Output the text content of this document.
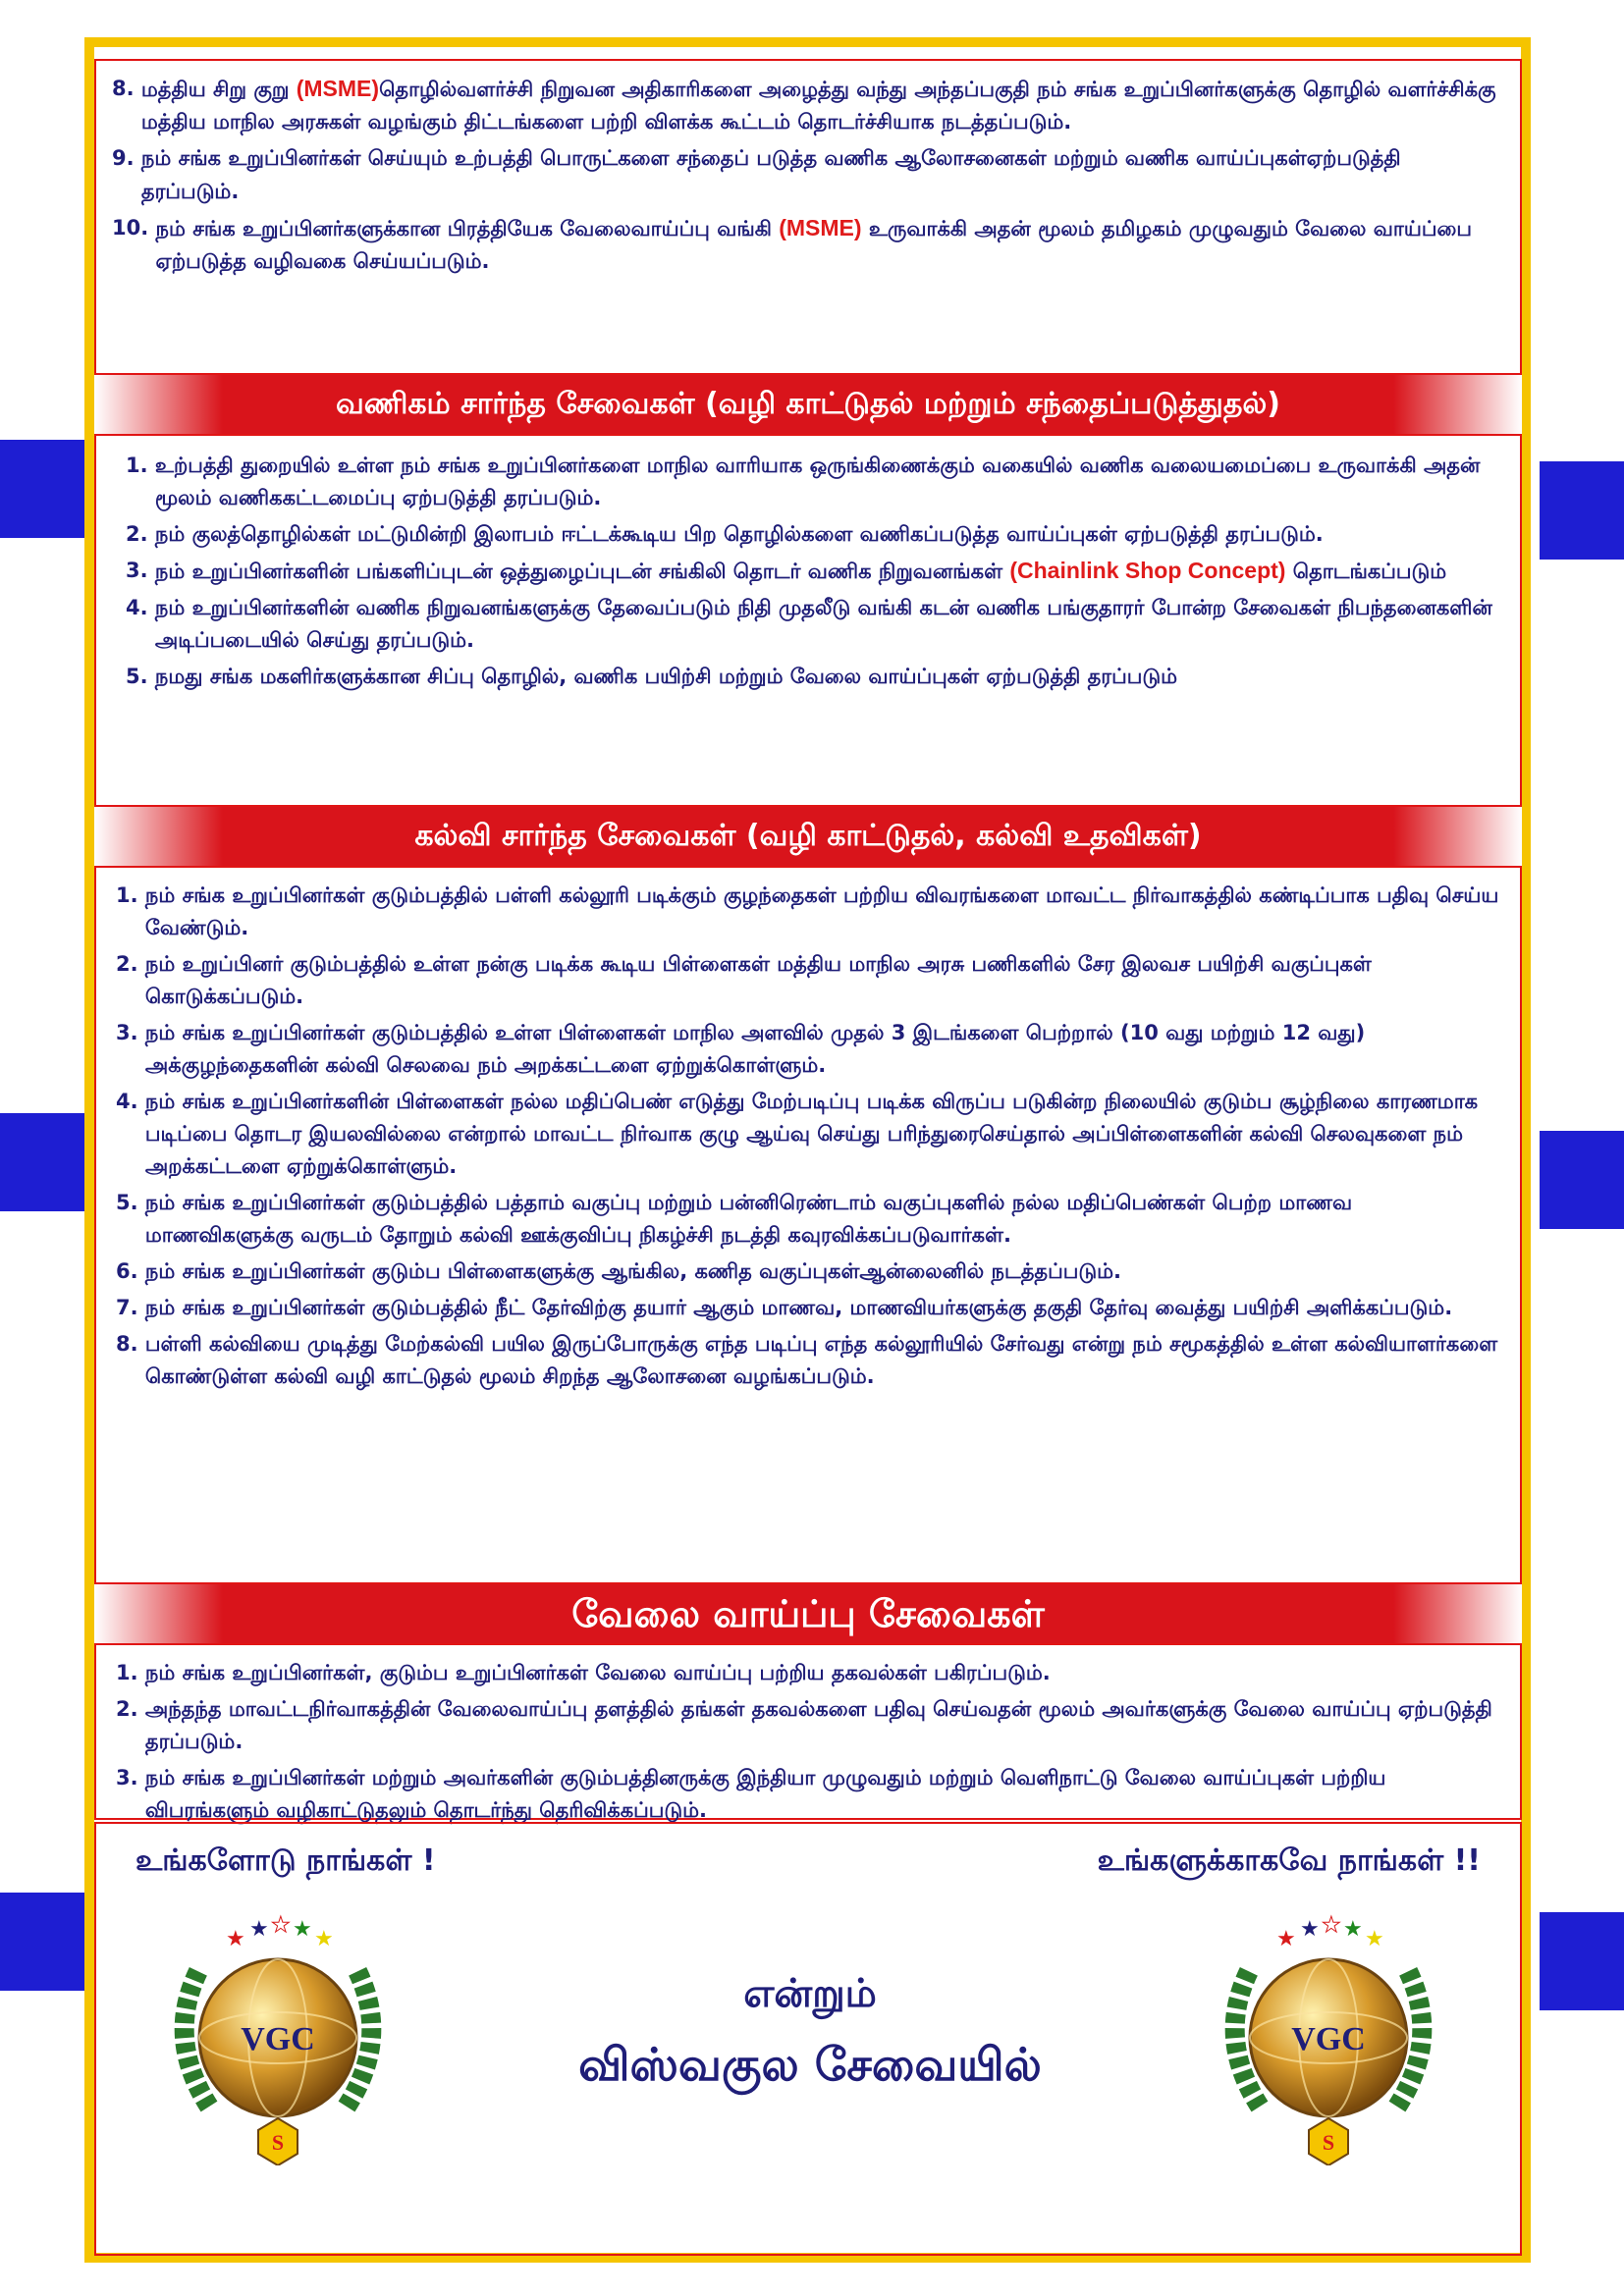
8. மத்திய சிறு குறு (MSME)தொழில்வளர்ச்சி நிறுவன அதிகாரிகளை அழைத்து வந்து அந்தப்பகுதி நம் சங்க உறுப்பினர்களுக்கு தொழில் வளர்ச்சிக்கு மத்திய மாநில அரசுகள் வழங்கும் திட்டங்களை பற்றி விளக்க கூட்டம் தொடர்ச்சியாக நடத்தப்படும்.
9. நம் சங்க உறுப்பினர்கள் செய்யும் உற்பத்தி பொருட்களை சந்தைப் படுத்த வணிக ஆலோசனைகள் மற்றும் வணிக வாய்ப்புகள்ஏற்படுத்தி தரப்படும்.
10. நம் சங்க உறுப்பினர்களுக்கான பிரத்தியேக வேலைவாய்ப்பு வங்கி (MSME) உருவாக்கி அதன் மூலம் தமிழகம் முழுவதும் வேலை வாய்ப்பை ஏற்படுத்த வழிவகை செய்யப்படும்.
வணிகம் சார்ந்த சேவைகள் (வழி காட்டுதல் மற்றும் சந்தைப்படுத்துதல்)
1. உற்பத்தி துறையில் உள்ள நம் சங்க உறுப்பினர்களை மாநில வாரியாக ஒருங்கிணைக்கும் வகையில் வணிக வலையமைப்பை உருவாக்கி அதன் மூலம் வணிககட்டமைப்பு ஏற்படுத்தி தரப்படும்.
2. நம் குலத்தொழில்கள் மட்டுமின்றி இலாபம் ஈட்டக்கூடிய பிற தொழில்களை வணிகப்படுத்த வாய்ப்புகள் ஏற்படுத்தி தரப்படும்.
3. நம் உறுப்பினர்களின் பங்களிப்புடன் ஒத்துழைப்புடன் சங்கிலி தொடர் வணிக நிறுவனங்கள் (Chainlink Shop Concept) தொடங்கப்படும்
4. நம் உறுப்பினர்களின் வணிக நிறுவனங்களுக்கு தேவைப்படும் நிதி முதலீடு வங்கி கடன் வணிக பங்குதாரர் போன்ற சேவைகள் நிபந்தனைகளின் அடிப்படையில் செய்து தரப்படும்.
5. நமது சங்க மகளிர்களுக்கான சிப்பு தொழில், வணிக பயிற்சி மற்றும் வேலை வாய்ப்புகள் ஏற்படுத்தி தரப்படும்
கல்வி சார்ந்த சேவைகள் (வழி காட்டுதல், கல்வி உதவிகள்)
1. நம் சங்க உறுப்பினர்கள் குடும்பத்தில் பள்ளி கல்லூரி படிக்கும் குழந்தைகள் பற்றிய விவரங்களை மாவட்ட நிர்வாகத்தில் கண்டிப்பாக பதிவு செய்ய வேண்டும்.
2. நம் உறுப்பினர் குடும்பத்தில் உள்ள நன்கு படிக்க கூடிய பிள்ளைகள் மத்திய மாநில அரசு பணிகளில் சேர இலவச பயிற்சி வகுப்புகள் கொடுக்கப்படும்.
3. நம் சங்க உறுப்பினர்கள் குடும்பத்தில் உள்ள பிள்ளைகள் மாநில அளவில் முதல் 3 இடங்களை பெற்றால் (10 வது மற்றும் 12 வது) அக்குழந்தைகளின் கல்வி செலவை நம் அறக்கட்டளை ஏற்றுக்கொள்ளும்.
4. நம் சங்க உறுப்பினர்களின் பிள்ளைகள் நல்ல மதிப்பெண் எடுத்து மேற்படிப்பு படிக்க விருப்ப படுகின்ற நிலையில் குடும்ப சூழ்நிலை காரணமாக படிப்பை தொடர இயலவில்லை என்றால் மாவட்ட நிர்வாக குழு ஆய்வு செய்து பரிந்துரைசெய்தால் அப்பிள்ளைகளின் கல்வி செலவுகளை நம் அறக்கட்டளை ஏற்றுக்கொள்ளும்.
5. நம் சங்க உறுப்பினர்கள் குடும்பத்தில் பத்தாம் வகுப்பு மற்றும் பன்னிரெண்டாம் வகுப்புகளில் நல்ல மதிப்பெண்கள் பெற்ற மாணவ மாணவிகளுக்கு வருடம் தோறும் கல்வி ஊக்குவிப்பு நிகழ்ச்சி நடத்தி கவுரவிக்கப்படுவார்கள்.
6. நம் சங்க உறுப்பினர்கள் குடும்ப பிள்ளைகளுக்கு ஆங்கில, கணித வகுப்புகள்ஆன்லைனில் நடத்தப்படும்.
7. நம் சங்க உறுப்பினர்கள் குடும்பத்தில் நீட் தேர்விற்கு தயார் ஆகும் மாணவ, மாணவியர்களுக்கு தகுதி தேர்வு வைத்து பயிற்சி அளிக்கப்படும்.
8. பள்ளி கல்வியை முடித்து மேற்கல்வி பயில இருப்போருக்கு எந்த படிப்பு எந்த கல்லூரியில் சேர்வது என்று நம் சமூகத்தில் உள்ள கல்வியாளர்களை கொண்டுள்ள கல்வி வழி காட்டுதல் மூலம் சிறந்த ஆலோசனை வழங்கப்படும்.
வேலை வாய்ப்பு சேவைகள்
1. நம் சங்க உறுப்பினர்கள், குடும்ப உறுப்பினர்கள் வேலை வாய்ப்பு பற்றிய தகவல்கள் பகிரப்படும்.
2. அந்தந்த மாவட்டநிர்வாகத்தின் வேலைவாய்ப்பு தளத்தில் தங்கள் தகவல்களை பதிவு செய்வதன் மூலம் அவர்களுக்கு வேலை வாய்ப்பு ஏற்படுத்தி தரப்படும்.
3. நம் சங்க உறுப்பினர்கள் மற்றும் அவர்களின் குடும்பத்தினருக்கு இந்தியா முழுவதும் மற்றும் வெளிநாட்டு வேலை வாய்ப்புகள் பற்றிய விபரங்களும் வழிகாட்டுதலும் தொடர்ந்து தெரிவிக்கப்படும்.
உங்களோடு நாங்கள் !	உங்களுக்காகவே நாங்கள் !!
VGC
★ ★ ★ ★ ★
S
என்றும்
விஸ்வகுல சேவையில்	VGC
★ ★ ★ ★ ★
S
